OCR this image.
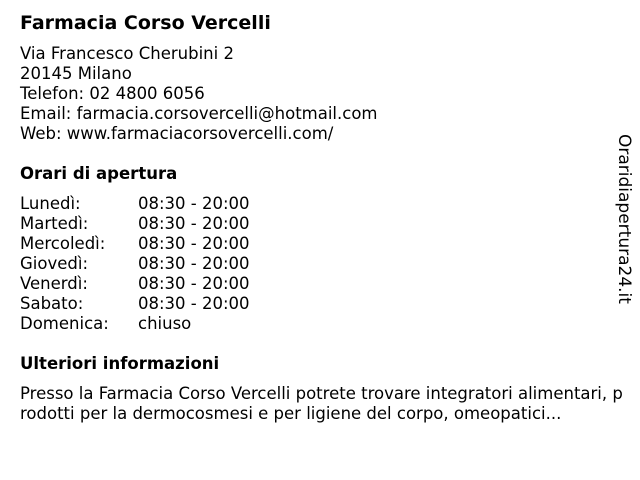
Farmacia Corso Vercelli
Via Francesco Cherubini 2
20145 Milano
Telefon: 02 4800 6056
Email: farmacia.corsovercelli@hotmail.com
Web: www.farmaciacorsovercelli.com/
Orari di apertura
Lunedì:	08:30 - 20:00
Martedì:	08:30 - 20:00
Mercoledì: 08:30 - 20:00
Giovedì:	08:30 - 20:00
Venerdì:	08:30 - 20:00
Sabato:	08:30 - 20:00
Domenica: chiuso
Ulteriori informazioni
Presso la Farmacia Corso Vercelli potrete trovare integratori alimentari, prodotti per la dermocosmesi e per ligiene del corpo, omeopatici...
Oraridiapertura24.it
